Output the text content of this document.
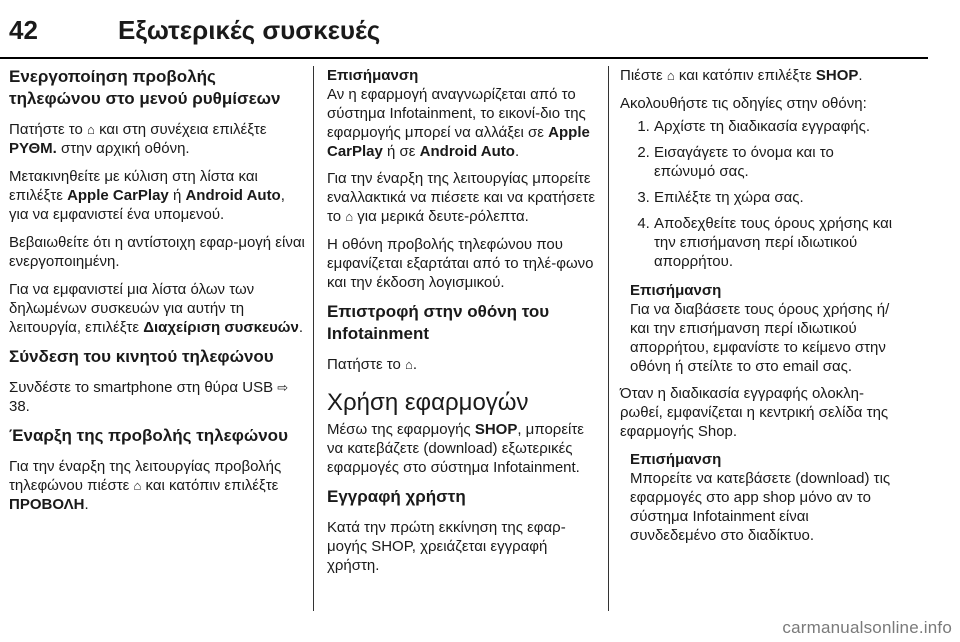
42	Εξωτερικές συσκευές
Ενεργοποίηση προβολής τηλεφώνου στο μενού ρυθμίσεων

Πατήστε το ⌂ και στη συνέχεια επιλέξτε ΡΥΘΜ. στην αρχική οθόνη.

Μετακινηθείτε με κύλιση στη λίστα και επιλέξτε Apple CarPlay ή Android Auto, για να εμφανιστεί ένα υπομενού.

Βεβαιωθείτε ότι η αντίστοιχη εφαρ-μογή είναι ενεργοποιημένη.

Για να εμφανιστεί μια λίστα όλων των δηλωμένων συσκευών για αυτήν τη λειτουργία, επιλέξτε Διαχείριση συσκευών.

Σύνδεση του κινητού τηλεφώνου

Συνδέστε το smartphone στη θύρα USB ⇨ 38.

Έναρξη της προβολής τηλεφώνου

Για την έναρξη της λειτουργίας προβολής τηλεφώνου πιέστε ⌂ και κατόπιν επιλέξτε ΠΡΟΒΟΛΗ.

Επισήμανση
Αν η εφαρμογή αναγνωρίζεται από το σύστημα Infotainment, το εικονί-διο της εφαρμογής μπορεί να αλλάξει σε Apple CarPlay ή σε Android Auto.

Για την έναρξη της λειτουργίας μπορείτε εναλλακτικά να πιέσετε και να κρατήσετε το ⌂ για μερικά δευτε-ρόλεπτα.

Η οθόνη προβολής τηλεφώνου που εμφανίζεται εξαρτάται από το τηλέ-φωνο και την έκδοση λογισμικού.

Επιστροφή στην οθόνη του Infotainment

Πατήστε το ⌂.

Χρήση εφαρμογών

Μέσω της εφαρμογής SHOP, μπορείτε να κατεβάζετε (download) εξωτερικές εφαρμογές στο σύστημα Infotainment.

Εγγραφή χρήστη

Κατά την πρώτη εκκίνηση της εφαρ-μογής SHOP, χρειάζεται εγγραφή χρήστη.

Πιέστε ⌂ και κατόπιν επιλέξτε SHOP.

Ακολουθήστε τις οδηγίες στην οθόνη:

1. Αρχίστε τη διαδικασία εγγραφής.
2. Εισαγάγετε το όνομα και το επώνυμό σας.
3. Επιλέξτε τη χώρα σας.
4. Αποδεχθείτε τους όρους χρήσης και την επισήμανση περί ιδιωτικού απορρήτου.
Επισήμανση
Για να διαβάσετε τους όρους χρήσης ή/και την επισήμανση περί ιδιωτικού απορρήτου, εμφανίστε το κείμενο στην οθόνη ή στείλτε το στο email σας.

Όταν η διαδικασία εγγραφής ολοκλη-ρωθεί, εμφανίζεται η κεντρική σελίδα της εφαρμογής Shop.

Επισήμανση
Μπορείτε να κατεβάσετε (download) τις εφαρμογές στο app shop μόνο αν το σύστημα Infotainment είναι συνδεδεμένο στο διαδίκτυο.
carmanualsonline.info
